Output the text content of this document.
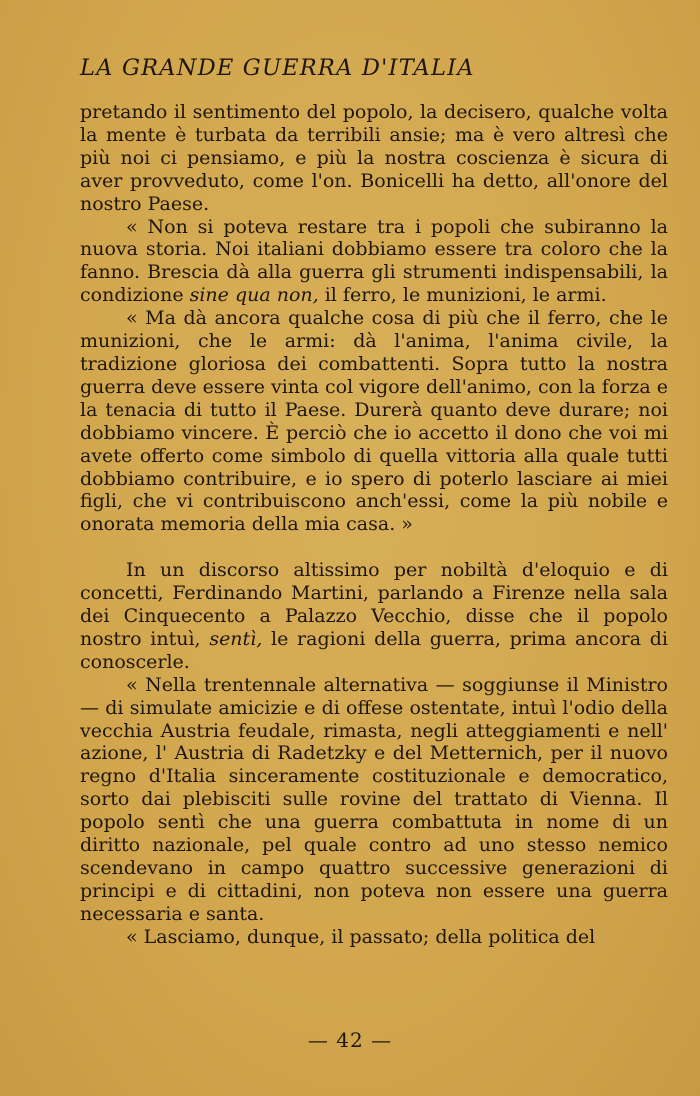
LA GRANDE GUERRA D'ITALIA

pretando il sentimento del popolo, la decisero, qualche volta la mente è turbata da terribili ansie; ma è vero altresì che più noi ci pensiamo, e più la nostra coscienza è sicura di aver provveduto, come l'on. Bonicelli ha detto, all'onore del nostro Paese.

« Non si poteva restare tra i popoli che subiranno la nuova storia. Noi italiani dobbiamo essere tra coloro che la fanno. Brescia dà alla guerra gli strumenti indispensabili, la condizione sine qua non, il ferro, le munizioni, le armi.

« Ma dà ancora qualche cosa di più che il ferro, che le munizioni, che le armi: dà l'anima, l'anima civile, la tradizione gloriosa dei combattenti. Sopra tutto la nostra guerra deve essere vinta col vigore dell'animo, con la forza e la tenacia di tutto il Paese. Durerà quanto deve durare; noi dobbiamo vincere. È perciò che io accetto il dono che voi mi avete offerto come simbolo di quella vittoria alla quale tutti dobbiamo contribuire, e io spero di poterlo lasciare ai miei figli, che vi contribuiscono anch'essi, come la più nobile e onorata memoria della mia casa. »

In un discorso altissimo per nobiltà d'eloquio e di concetti, Ferdinando Martini, parlando a Firenze nella sala dei Cinquecento a Palazzo Vecchio, disse che il popolo nostro intuì, sentì, le ragioni della guerra, prima ancora di conoscerle.

« Nella trentennale alternativa — soggiunse il Ministro — di simulate amicizie e di offese ostentate, intuì l'odio della vecchia Austria feudale, rimasta, negli atteggiamenti e nell' azione, l' Austria di Radetzky e del Metternich, per il nuovo regno d'Italia sinceramente costituzionale e democratico, sorto dai plebisciti sulle rovine del trattato di Vienna. Il popolo sentì che una guerra combattuta in nome di un diritto nazionale, pel quale contro ad uno stesso nemico scendevano in campo quattro successive generazioni di principi e di cittadini, non poteva non essere una guerra necessaria e santa.

« Lasciamo, dunque, il passato; della politica del

— 42 —
